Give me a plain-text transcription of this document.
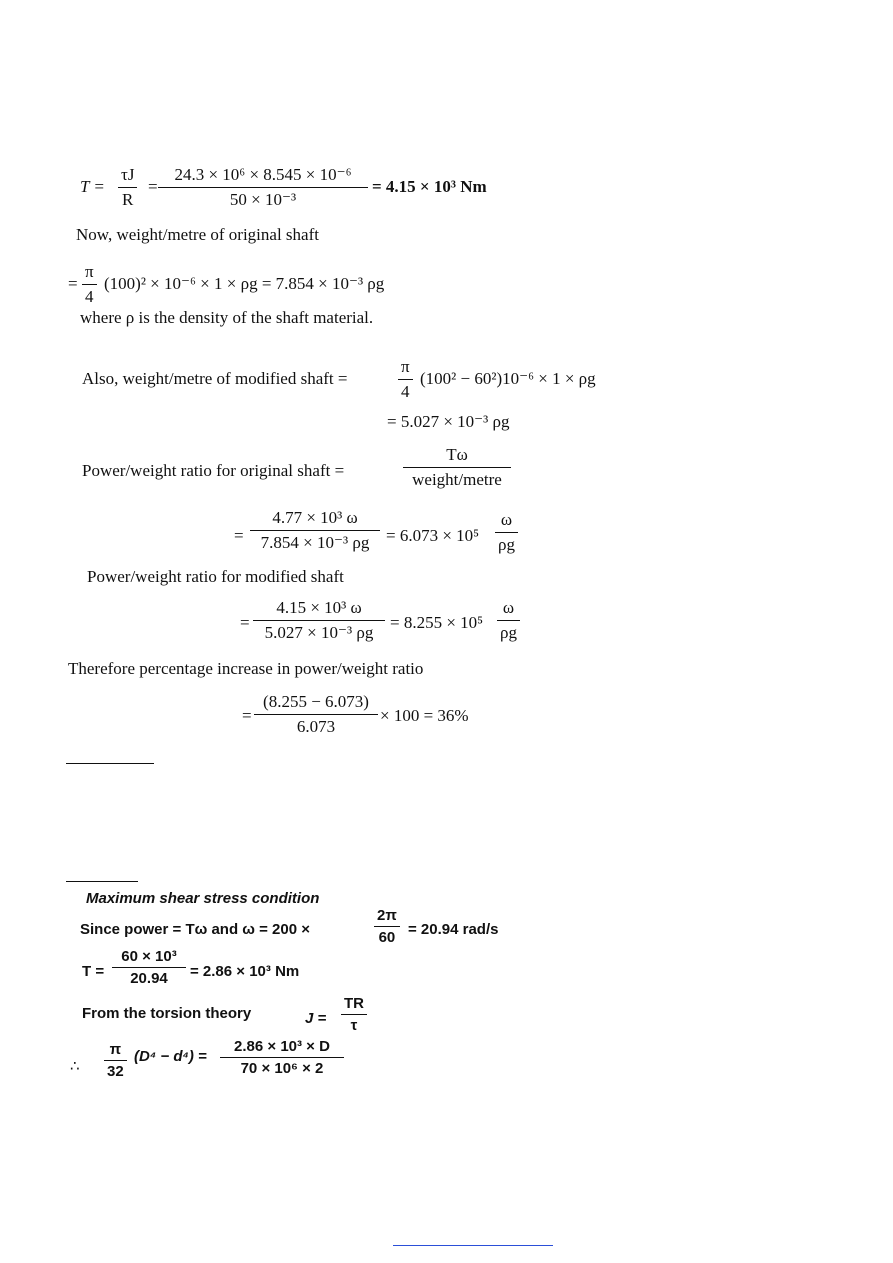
$T = \frac{\tau J}{R} = \frac{\text{24.3 × 10⁶ × 8.545 × 10⁻⁶}}{\text{50 × 10⁻³}} = 4.15 \times 10^3$ Nm
Now, weight/metre of original shaft
= $\frac{\pi}{4} (100)^2 \times 10^{-6} \times 1 \times \rho g = 7.854 \times 10^{-3}$ ρg
where ρ is the density of the shaft material.
Also, weight/metre of modified shaft =	$\frac{\pi}{4} (100^2 - 60^2)10^{-6} \times 1 \times \rho g$
= 5.027 × 10⁻³ ρg
Power/weight ratio for original shaft =
Tω
weight/metre
= $\frac{\text{4.77 × 10³ ω}}{\text{7.854 × 10⁻³ ρg}} = 6.073 \times 10^5 \frac{\omega}{\rho g}$
Power/weight ratio for modified shaft
= $\frac{\text{4.15 × 10³ ω}}{\text{5.027 × 10⁻³ ρg}} = 8.255 \times 10^5 \frac{\omega}{\rho g}$
Therefore percentage increase in power/weight ratio
= $\frac{(8.255 - 6.073)}{6.073} \times 100 = 36\%$
Maximum shear stress condition
Since power = Tω and ω = 200 ×	$\frac{2\pi}{60} = 20.94$ rad/s
$T = \frac{\text{60 × 10³}}{20.94} = 2.86 \times 10^3$ Nm
From the torsion theory	$J = \frac{TR}{\tau}$
∴ $\frac{\pi}{32} (D^4 - d^4) = \frac{\text{2.86 × 10³ × D}}{\text{70 × 10⁶ × 2}}$
